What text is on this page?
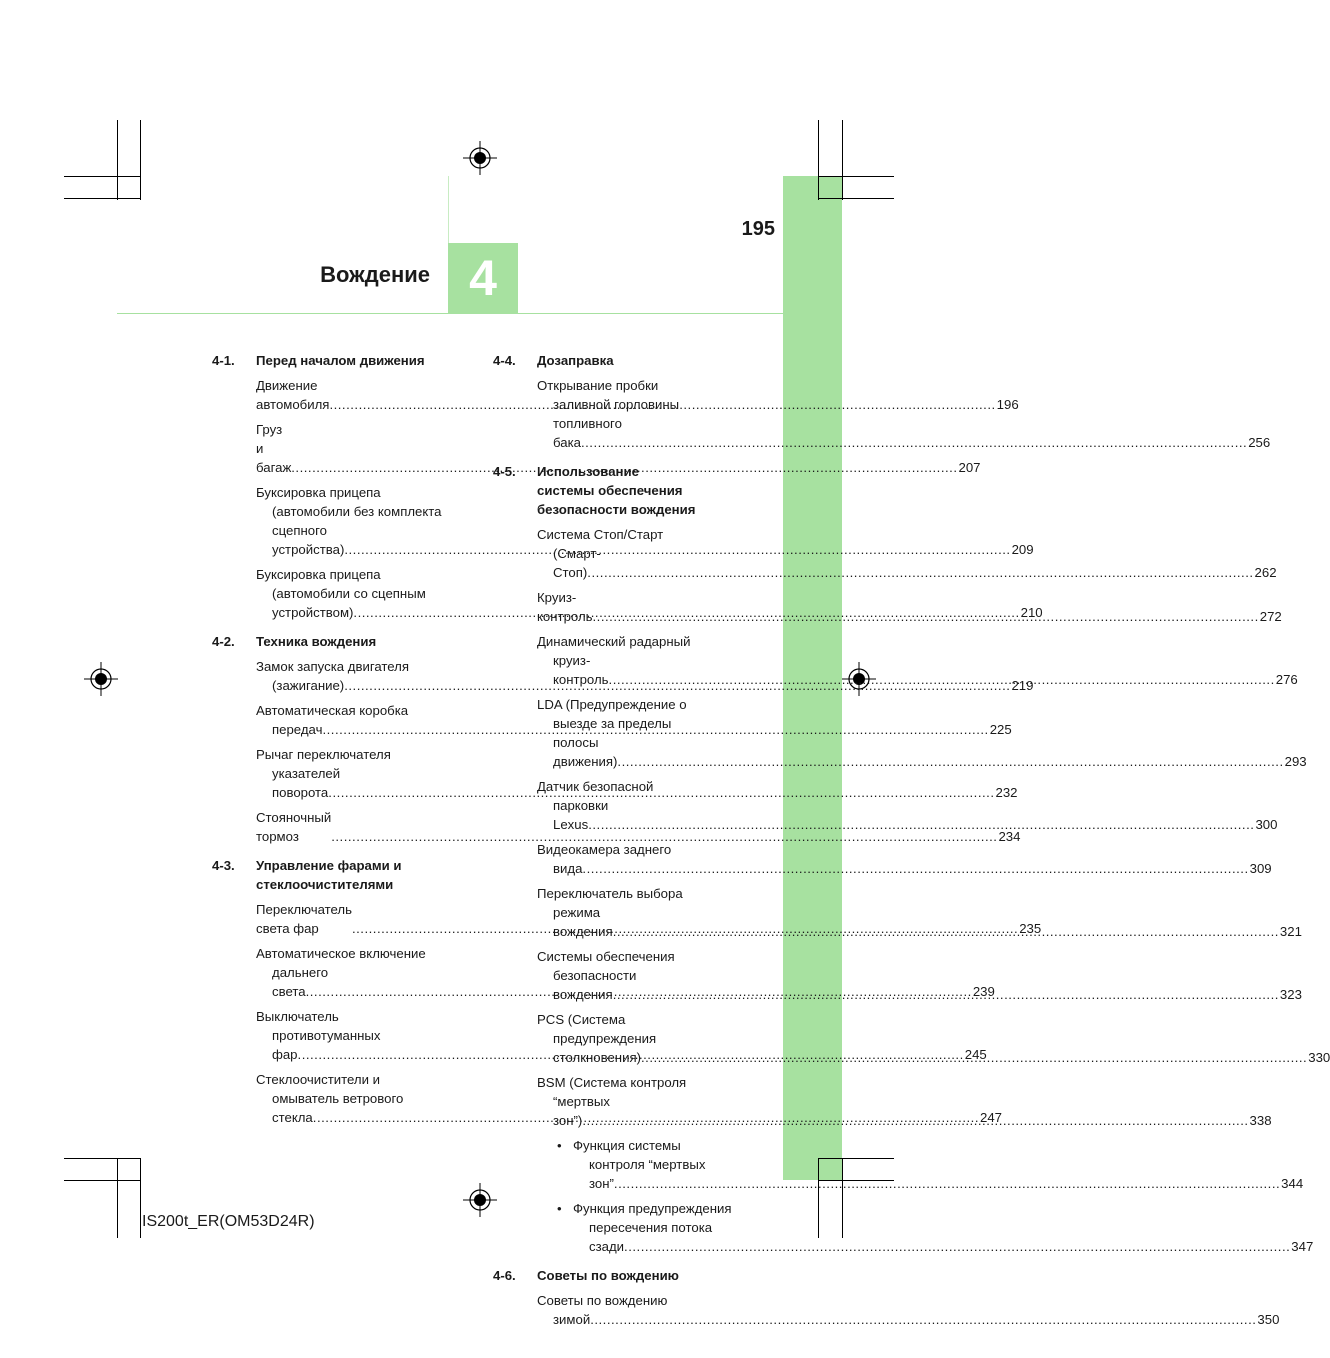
4
Вождение
195
4-1.	Перед началом движения
Движение автомобиля .....	196
Груз и багаж .....	207
Буксировка прицепа
(автомобили без комплекта
сцепного устройства) .....	209
Буксировка прицепа
(автомобили со сцепным
устройством) .....	210
4-2.	Техника вождения
Замок запуска двигателя
(зажигание) .....	219
Автоматическая коробка
передач .....	225
Рычаг переключателя
указателей поворота .....	232
Стояночный тормоз .....	234
4-3.	Управление фарами и
стеклоочистителями
Переключатель света фар .....	235
Автоматическое включение
дальнего света .....	239
Выключатель
противотуманных фар .....	245
Стеклоочистители и
омыватель ветрового
стекла .....	247
4-4.	Дозаправка
Открывание пробки
заливной горловины
топливного бака .....	256
4-5.	Использование
системы обеспечения
безопасности вождения
Система Стоп/Старт
(Смарт-Стоп) .....	262
Круиз-контроль .....	272
Динамический радарный
круиз-контроль .....	276
LDA (Предупреждение о
выезде за пределы
полосы движения) .....	293
Датчик безопасной
парковки Lexus .....	300
Видеокамера заднего
вида .....	309
Переключатель выбора
режима вождения .....	321
Системы обеспечения
безопасности вождения .....	323
PCS (Система
предупреждения
столкновения) .....	330
BSM (Система контроля
“мертвых зон”) .....	338
• Функция системы
контроля “мертвых
зон” .....	344
• Функция предупреждения
пересечения потока
сзади .....	347
4-6.	Советы по вождению
Советы по вождению
зимой .....	350
IS200t_ER(OM53D24R)
